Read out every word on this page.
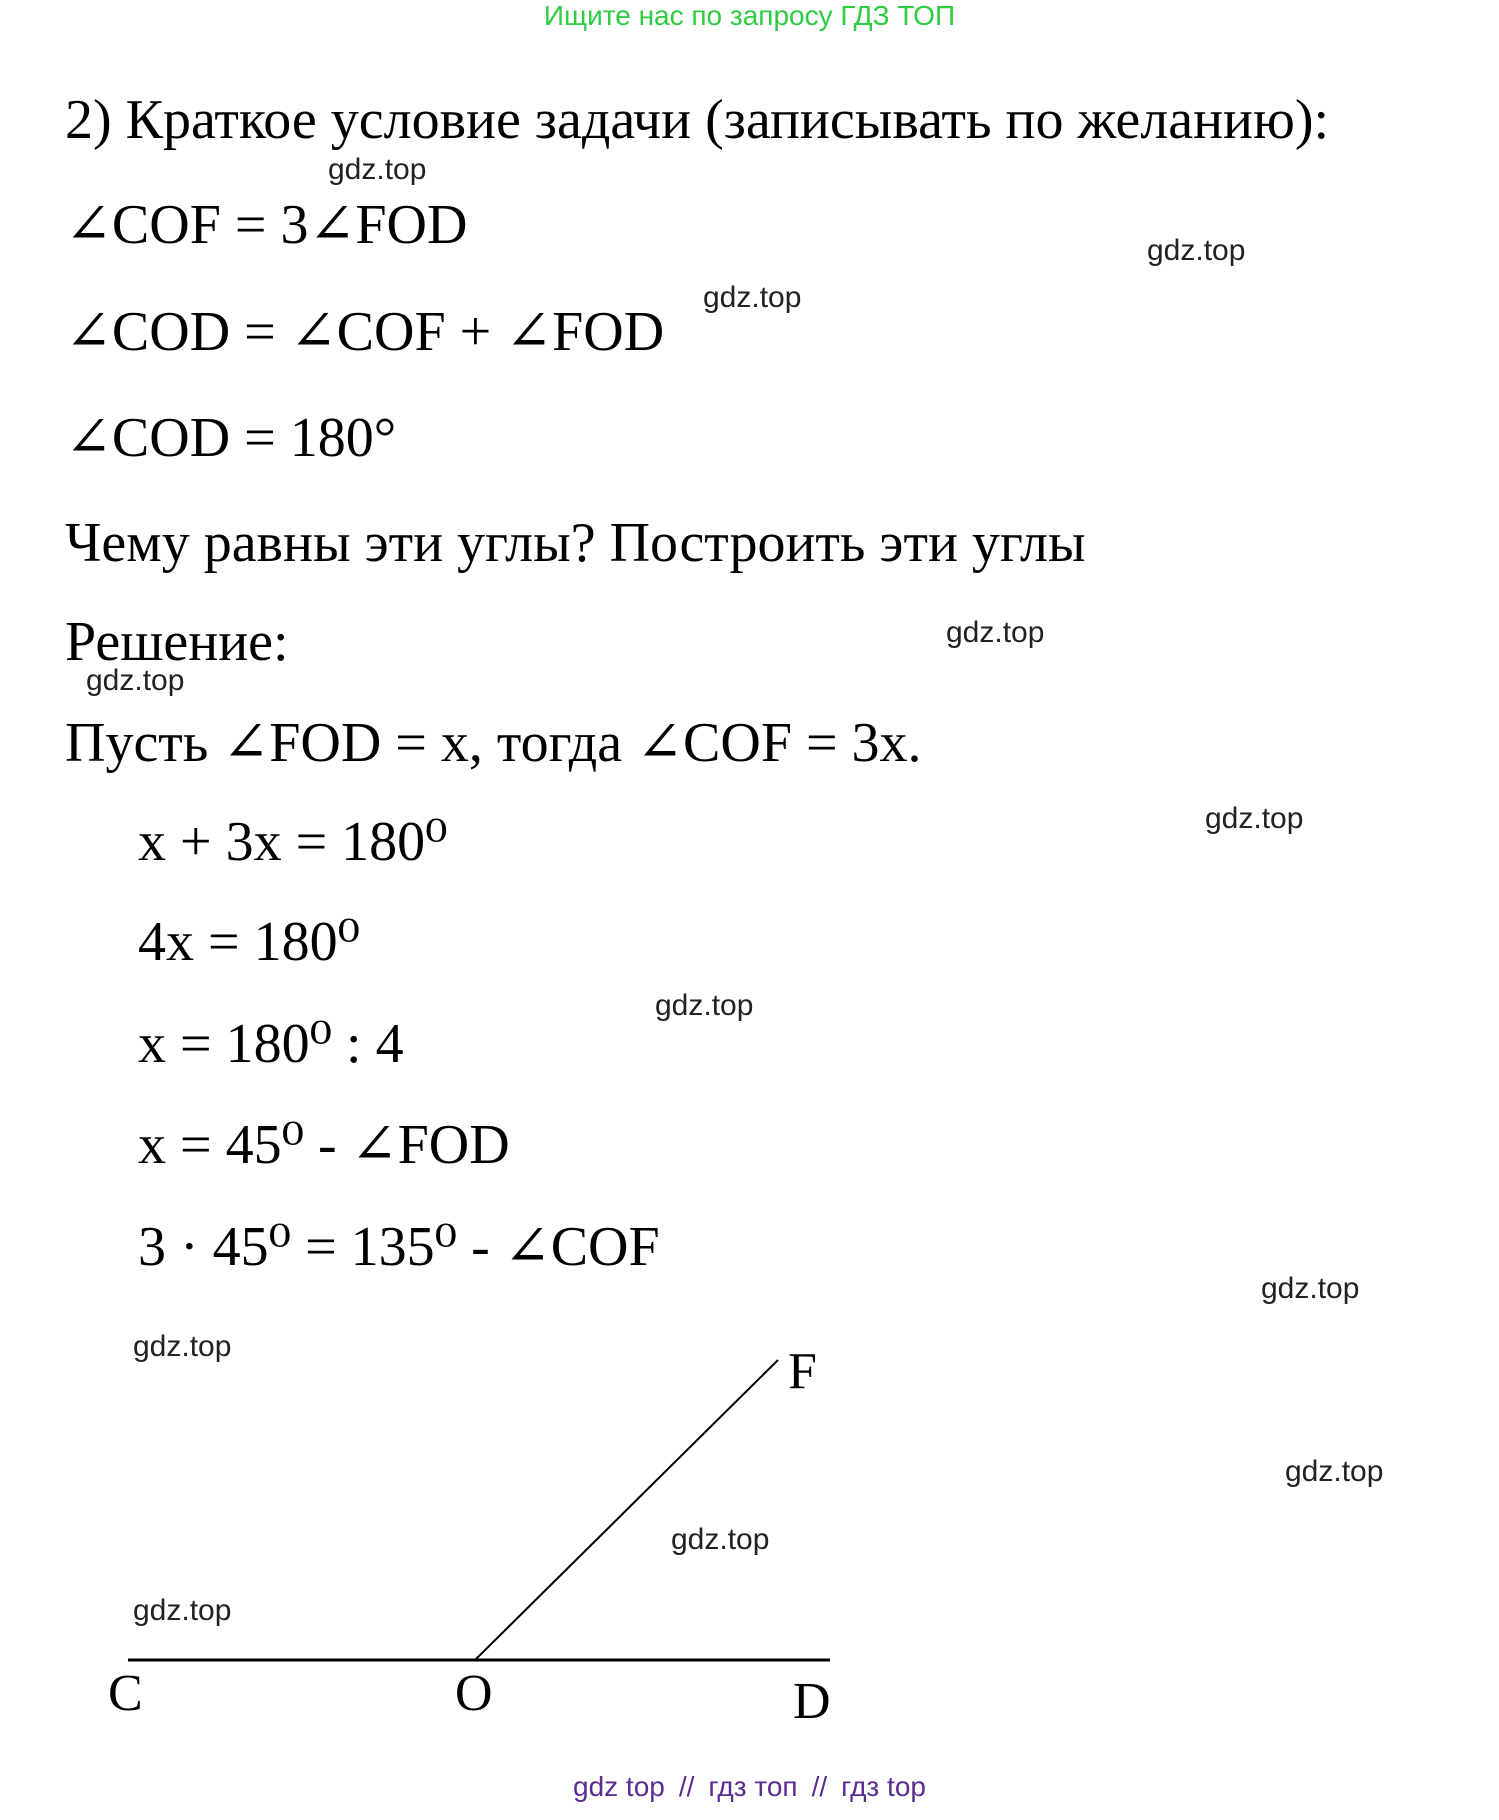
Ищите нас по запросу ГДЗ ТОП
2) Краткое условие задачи (записывать по желанию):
∠COF = 3∠FOD
∠COD = ∠COF + ∠FOD
∠COD = 180°
Чему равны эти углы? Построить эти углы
Решение:
Пусть ∠FOD = x, тогда ∠COF = 3x.
x + 3x = 180⁰
4x = 180⁰
x = 180⁰ : 4
x = 45⁰ - ∠FOD
3 · 45⁰ = 135⁰ - ∠COF
C	O	D
F
gdz.top
gdz.top
gdz.top
gdz.top
gdz.top
gdz.top
gdz.top
gdz.top
gdz.top
gdz.top
gdz.top
gdz.top
gdz top // гдз топ // гдз top
